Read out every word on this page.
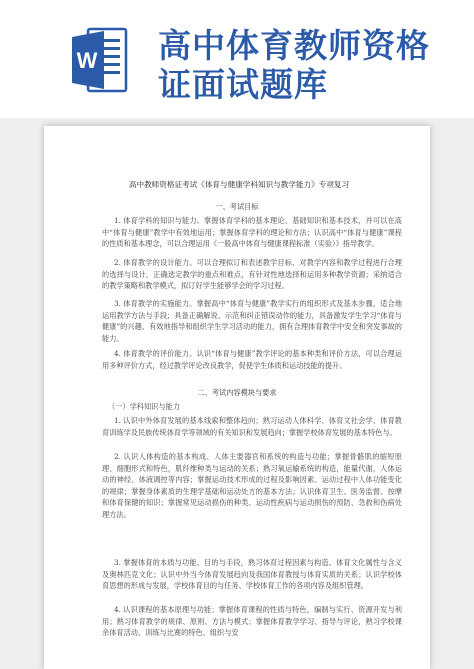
W 高中体育教师资格证面试题库
高中教师资格证考试《体育与健康学科知识与教学能力》专项复习
一、考试目标

1. 体育学科的知识与能力。掌握体育学科的基本理论、基础知识和基本技术，并可以在高中“体育与健康”教学中有效地运用；掌握体育学科的理论和方法；认识高中“体育与健康”课程的性质和基本理念，可以合理运用《一般高中体育与健康课程标准（实验）》指导教学。

2. 体育教学的设计能力。可以合理拟订和表述教学目标，对教学内容和教学过程进行合理的选择与设计，正确选定教学的重点和难点，有针对性地选择和运用多种教学资源；采纳适合的教学策略和教学模式，拟订好学生能够学会的学习过程。

3. 体育教学的实施能力。掌握高中“体育与健康”教学实行的组织形式及基本步骤，适合地运用教学方法与手段；具备正确解说、示范和纠正错误动作的能力，具备激发学生学习“体育与健康”的兴趣、有效地指导和组织学生学习活动的能力，拥有合理体育教学中安全和突发事故的能力。

4. 体育教学的评价能力。认识“体育与健康”教学评论的基本种类和评价方法，可以合理运用多种评价方式，经过教学评论改良教学，促使学生体质和运动技能的提升。

二、考试内容模块与要求
（一）学科知识与能力

1. 认识中外体育发展的基本线索和整体趋向；熟习运动人体科学、体育文社会学、体育教育训练学及民族传统体育学等领域的有关知识和发展趋向；掌握学校体育发展的基本特色与。

2. 认识人体构造的基本构成、人体主要器官和系统的构造与功能；掌握骨骼肌的缩短原理、细胞形式和特色，肌纤维种类与运动的关系；熟习氧运输系统的构造，能量代谢，人体运动的神经、体液调控等内容；掌握运动技术形成的过程及影响因素、运动过程中人体功能变化的规律；掌握身体素质的生理学基础和运动处方的基本方法；认识体育卫生、医务监督、按摩和体育保健的知识；掌握常见运动损伤的种类、运动性疾病与运动损伤的预防、急救和伤病处理方法。

3. 掌握体育的本质与功能、目的与手段，熟习体育过程因素与构造、体育文化属性与含义及奥林匹克文化；认识中外当今体育发展趋向及我国体育教授与体育实质的关系；认识学校体育思想的形成与发展，学校体育目的与任务、学校体育工作的各项内容及组织管理。

4. 认识课程的基本原理与功能；掌握体育课程的性质与特色，编制与实行、资源开发与利用；熟习体育教学的规律、原则、方法与模式；掌握体育教学学习、指导与评论，熟习学校课余体育活动、训练与比赛的特色、组织与安
